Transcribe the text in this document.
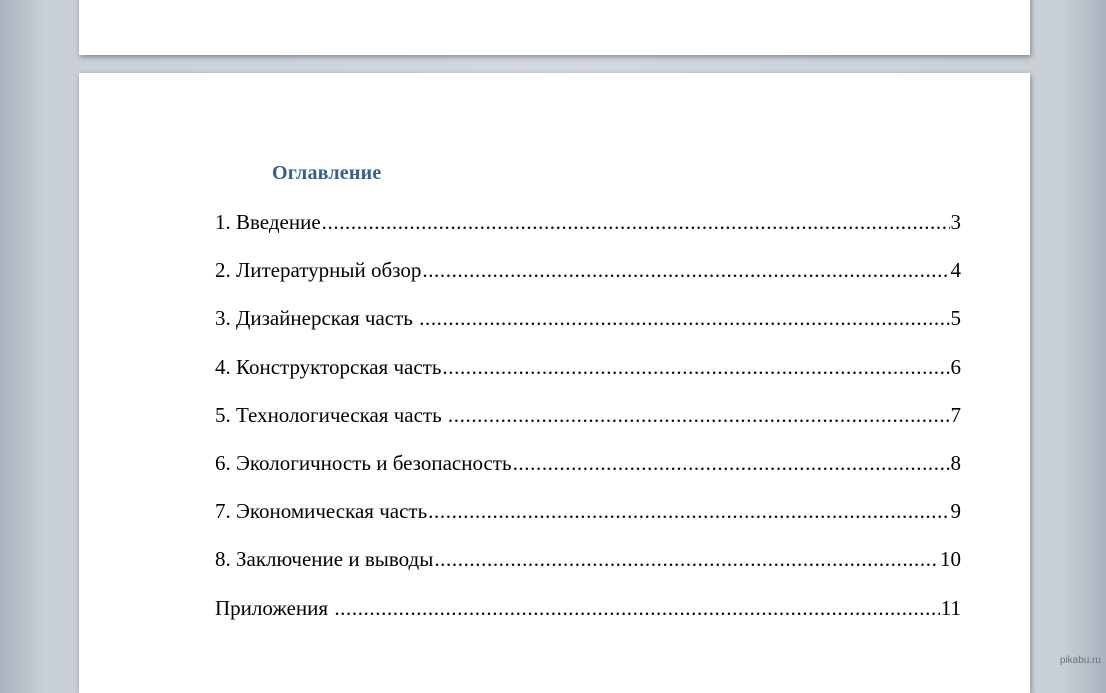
Оглавление
1. Введение .....	3
2. Литературный обзор .....	4
3. Дизайнерская часть .....	5
4. Конструкторская часть .....	6
5. Технологическая часть .....	7
6. Экологичность и безопасность .....	8
7. Экономическая часть .....	9
8. Заключение и выводы .....	10
Приложения .....	11
pikabu.ru
